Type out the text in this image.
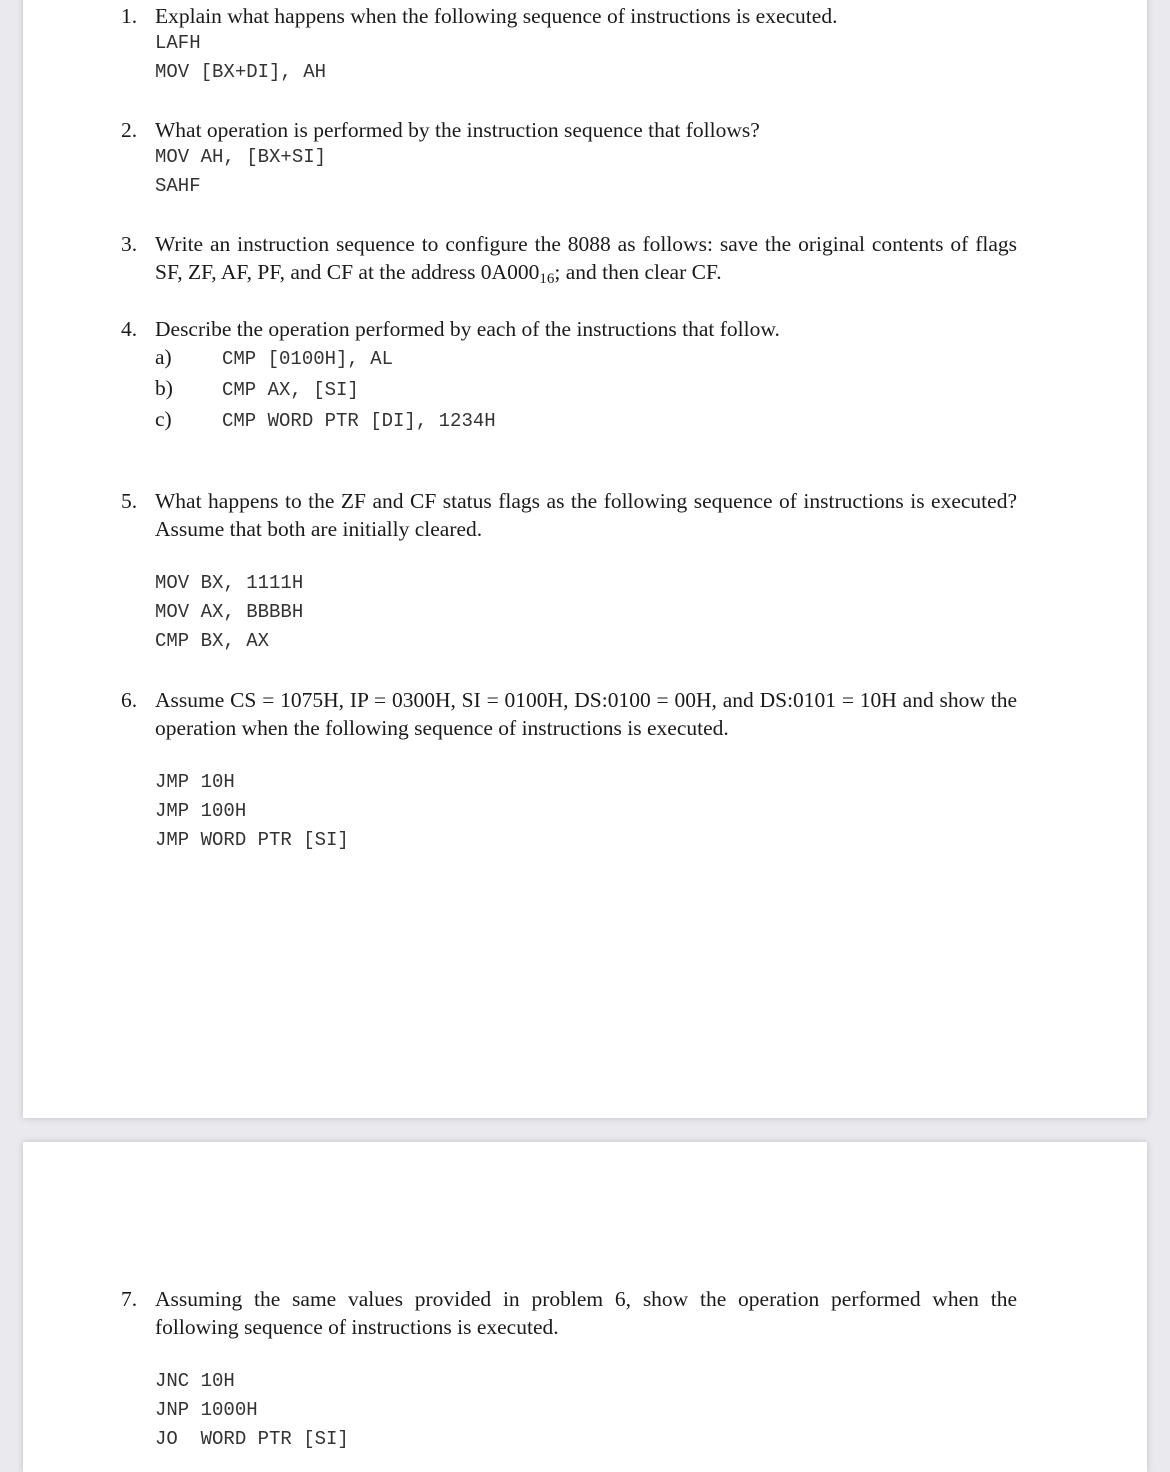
1. Explain what happens when the following sequence of instructions is executed.
LAFH
MOV [BX+DI], AH
2. What operation is performed by the instruction sequence that follows?
MOV AH, [BX+SI]
SAHF
3. Write an instruction sequence to configure the 8088 as follows: save the original contents of flags SF, ZF, AF, PF, and CF at the address $0A000_{16}$; and then clear CF.
4. Describe the operation performed by each of the instructions that follow.
a)	CMP [0100H], AL
b)	CMP AX, [SI]
c)	CMP WORD PTR [DI], 1234H
5. What happens to the ZF and CF status flags as the following sequence of instructions is executed? Assume that both are initially cleared.
MOV BX, 1111H
MOV AX, BBBBH
CMP BX, AX
6. Assume CS = 1075H, IP = 0300H, SI = 0100H, DS:0100 = 00H, and DS:0101 = 10H and show the operation when the following sequence of instructions is executed.
JMP 10H
JMP 100H
JMP WORD PTR [SI]
7. Assuming the same values provided in problem 6, show the operation performed when the following sequence of instructions is executed.
JNC 10H
JNP 1000H
JO  WORD PTR [SI]
